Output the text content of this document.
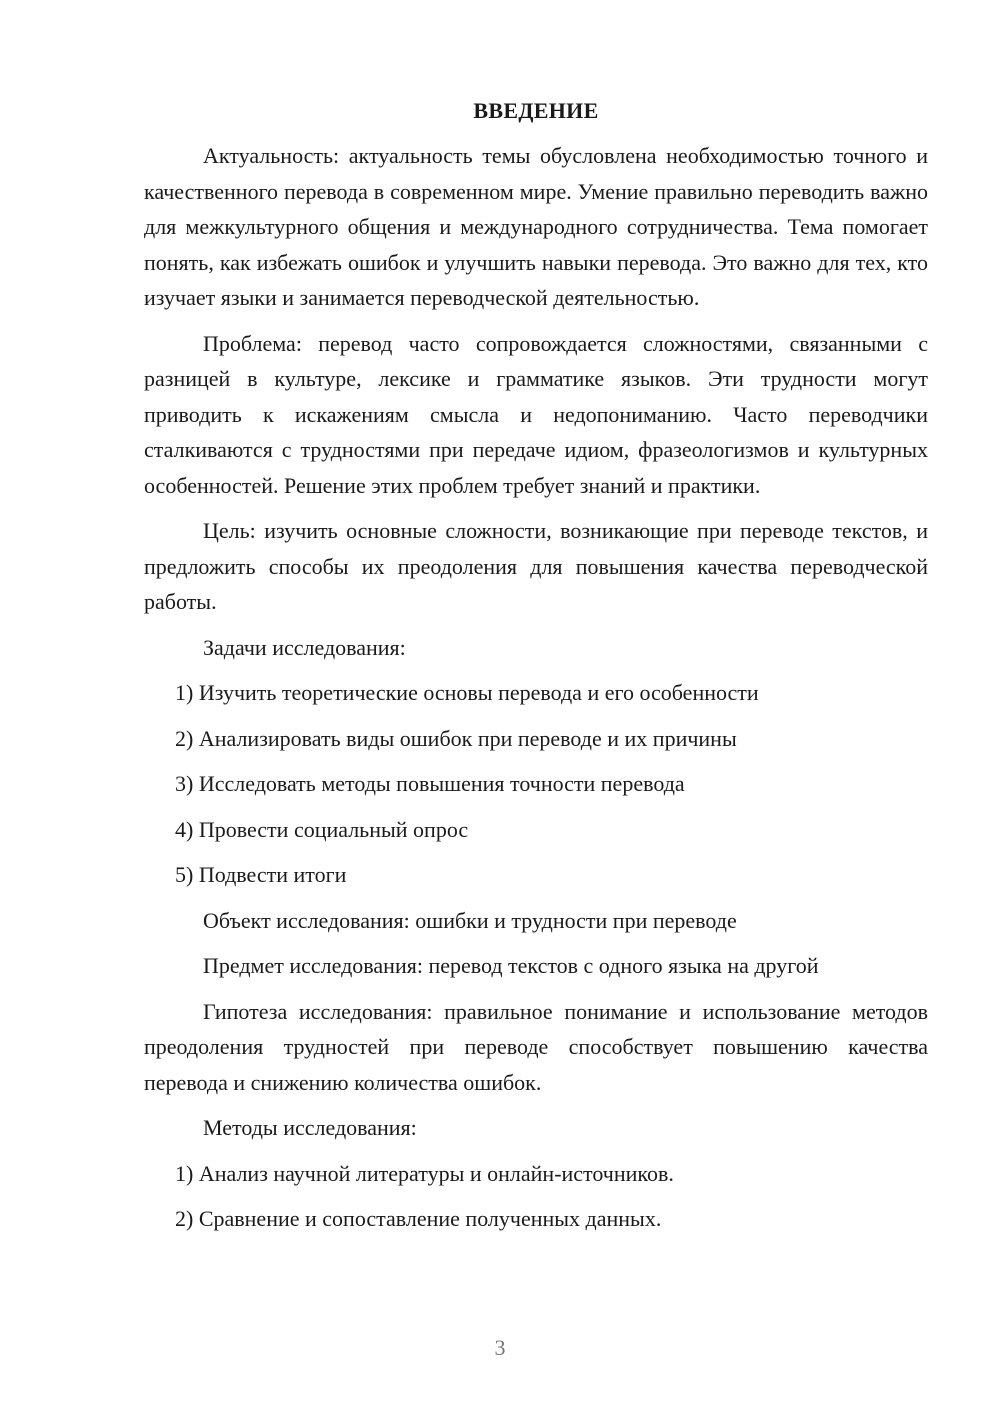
ВВЕДЕНИЕ

Актуальность: актуальность темы обусловлена необходимостью точного и качественного перевода в современном мире. Умение правильно переводить важно для межкультурного общения и международного сотрудничества. Тема помогает понять, как избежать ошибок и улучшить навыки перевода. Это важно для тех, кто изучает языки и занимается переводческой деятельностью.

Проблема: перевод часто сопровождается сложностями, связанными с разницей в культуре, лексике и грамматике языков. Эти трудности могут приводить к искажениям смысла и недопониманию. Часто переводчики сталкиваются с трудностями при передаче идиом, фразеологизмов и культурных особенностей. Решение этих проблем требует знаний и практики.

Цель: изучить основные сложности, возникающие при переводе текстов, и предложить способы их преодоления для повышения качества переводческой работы.

Задачи исследования:

1) Изучить теоретические основы перевода и его особенности

2) Анализировать виды ошибок при переводе и их причины

3) Исследовать методы повышения точности перевода

4) Провести социальный опрос

5) Подвести итоги

Объект исследования: ошибки и трудности при переводе

Предмет исследования: перевод текстов с одного языка на другой

Гипотеза исследования: правильное понимание и использование методов преодоления трудностей при переводе способствует повышению качества перевода и снижению количества ошибок.

Методы исследования:

1) Анализ научной литературы и онлайн-источников.

2) Сравнение и сопоставление полученных данных.

3
